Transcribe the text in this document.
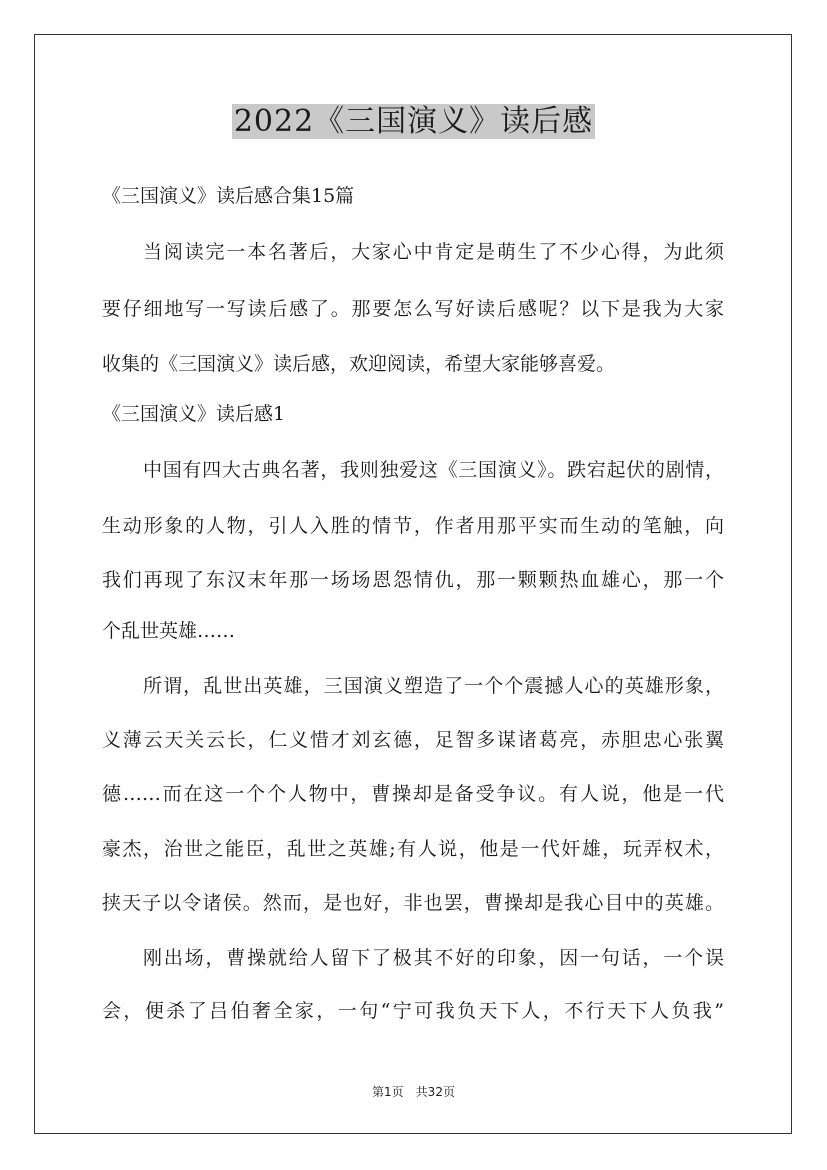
2022《三国演义》读后感
《三国演义》读后感合集15篇
当阅读完一本名著后，大家心中肯定是萌生了不少心得，为此须
要仔细地写一写读后感了。那要怎么写好读后感呢？以下是我为大家
收集的《三国演义》读后感，欢迎阅读，希望大家能够喜爱。
《三国演义》读后感1
中国有四大古典名著，我则独爱这《三国演义》。跌宕起伏的剧情，
生动形象的人物，引人入胜的情节，作者用那平实而生动的笔触，向
我们再现了东汉末年那一场场恩怨情仇，那一颗颗热血雄心，那一个
个乱世英雄……
所谓，乱世出英雄，三国演义塑造了一个个震撼人心的英雄形象，
义薄云天关云长，仁义惜才刘玄德，足智多谋诸葛亮，赤胆忠心张翼
德……而在这一个个人物中，曹操却是备受争议。有人说，他是一代
豪杰，治世之能臣，乱世之英雄;有人说，他是一代奸雄，玩弄权术，
挟天子以令诸侯。然而，是也好，非也罢，曹操却是我心目中的英雄。
刚出场，曹操就给人留下了极其不好的印象，因一句话，一个误
会，便杀了吕伯奢全家，一句“宁可我负天下人，不行天下人负我”
第1页　共32页
